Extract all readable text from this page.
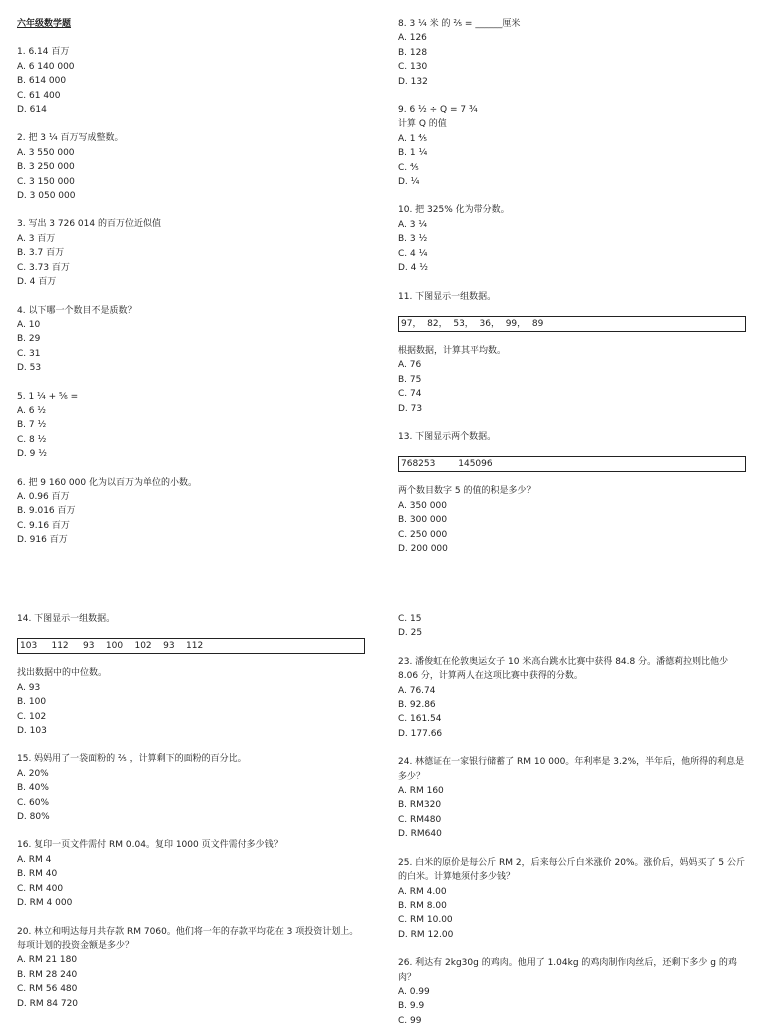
六年级数学题
1. 6.14 百万
A. 6 140 000
B. 614 000
C. 61 400
D. 614
2. 把 3 ¹⁄₄ 百万写成整数。
A. 3 550 000
B. 3 250 000
C. 3 150 000
D. 3 050 000
3. 写出 3 726 014 的百万位近似值
A. 3 百万
B. 3.7 百万
C. 3.73 百万
D. 4 百万
4. 以下哪一个数目不是质数？
A. 10
B. 29
C. 31
D. 53
5. 1 ¹⁄₄ + ⁵⁄₆ =
A. 6 ¹⁄₂
B. 7 ¹⁄₂
C. 8 ¹⁄₂
D. 9 ¹⁄₂
6. 把 9 160 000 化为以百万为单位的小数。
A. 0.96 百万
B. 9.016 百万
C. 9.16 百万
D. 916 百万
8. 3 ¹⁄₄ 米 的 ²⁄₅ = ______厘米
A. 126
B. 128
C. 130
D. 132
9. 6 ¹⁄₂ ÷ Q = 7 ³⁄₄
计算 Q 的值
A. 1 ⁴⁄₅
B. 1 ¹⁄₄
C. ⁴⁄₅
D. ¹⁄₄
10. 把 325% 化为带分数。
A. 3 ¹⁄₄
B. 3 ¹⁄₂
C. 4 ¹⁄₄
D. 4 ¹⁄₂
11. 下图显示一组数据。
97，  82，  53，  36，  99，  89
根据数据，计算其平均数。
A. 76
B. 75
C. 74
D. 73
13. 下图显示两个数据。
768253        145096
两个数目数字 5 的值的积是多少？
A. 350 000
B. 300 000
C. 250 000
D. 200 000
14. 下图显示一组数据。
103     112     93    100    102    93    112
找出数据中的中位数。
A. 93
B. 100
C. 102
D. 103
15. 妈妈用了一袋面粉的 ²⁄₅ ，计算剩下的面粉的百分比。
A. 20%
B. 40%
C. 60%
D. 80%
16. 复印一页文件需付 RM 0.04。复印 1000 页文件需付多少钱？
A. RM 4
B. RM 40
C. RM 400
D. RM 4 000
20. 林立和明达每月共存款 RM 7060。他们将一年的存款平均花在 3 项投资计划上。每项计划的投资金额是多少？
A. RM 21 180
B. RM 28 240
C. RM 56 480
D. RM 84 720
C. 15
D. 25
23. 潘俊虹在伦敦奥运女子 10 米高台跳水比赛中获得 84.8 分。潘德莉拉则比他少 8.06 分，计算两人在这项比赛中获得的分数。
A. 76.74
B. 92.86
C. 161.54
D. 177.66
24. 林德证在一家银行储蓄了 RM 10 000。年利率是 3.2%，半年后，他所得的利息是多少？
A. RM 160
B. RM320
C. RM480
D. RM640
25. 白米的原价是每公斤 RM 2，后来每公斤白米涨价 20%。涨价后，妈妈买了 5 公斤的白米。计算她须付多少钱？
A. RM 4.00
B. RM 8.00
C. RM 10.00
D. RM 12.00
26. 利达有 2kg30g 的鸡肉。他用了 1.04kg 的鸡肉制作肉丝后，还剩下多少 g 的鸡肉？
A. 0.99
B. 9.9
C. 99
